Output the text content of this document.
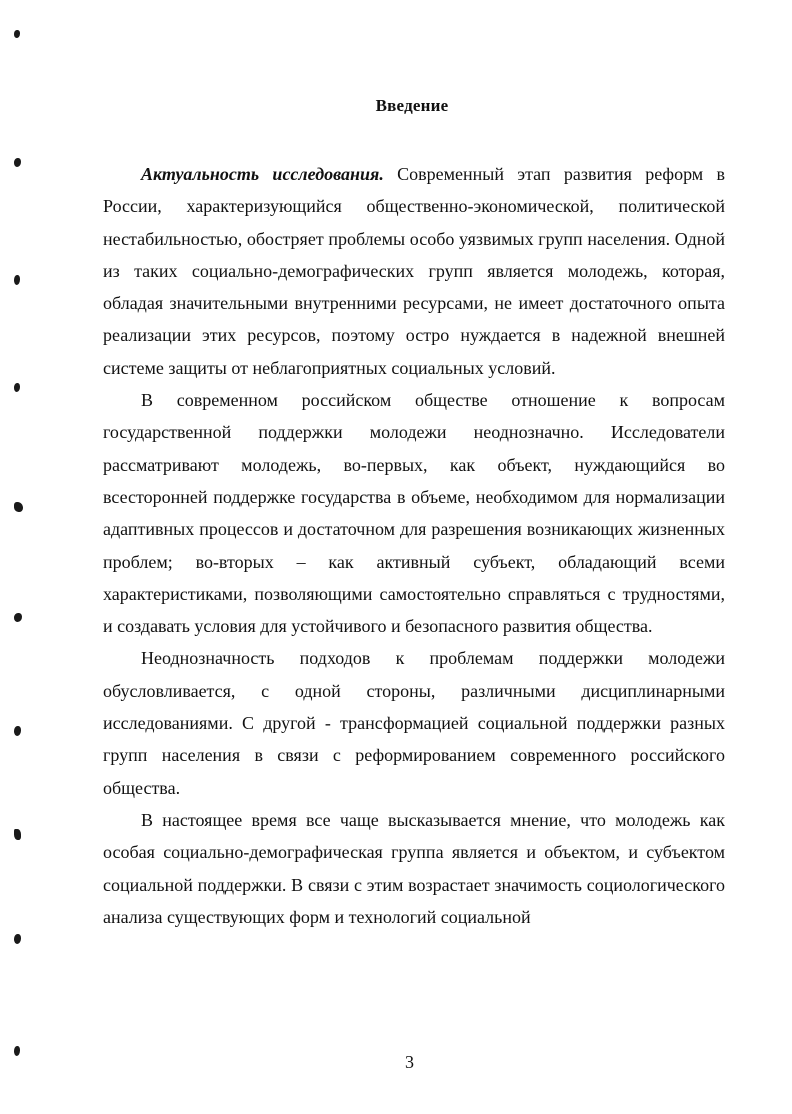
Введение

Актуальность исследования. Современный этап развития реформ в России, характеризующийся общественно-экономической, политической нестабильностью, обостряет проблемы особо уязвимых групп населения. Одной из таких социально-демографических групп является молодежь, которая, обладая значительными внутренними ресурсами, не имеет достаточного опыта реализации этих ресурсов, поэтому остро нуждается в надежной внешней системе защиты от неблагоприятных социальных условий.

В современном российском обществе отношение к вопросам государственной поддержки молодежи неоднозначно. Исследователи рассматривают молодежь, во-первых, как объект, нуждающийся во всесторонней поддержке государства в объеме, необходимом для нормализации адаптивных процессов и достаточном для разрешения возникающих жизненных проблем; во-вторых – как активный субъект, обладающий всеми характеристиками, позволяющими самостоятельно справляться с трудностями, и создавать условия для устойчивого и безопасного развития общества.

Неоднозначность подходов к проблемам поддержки молодежи обусловливается, с одной стороны, различными дисциплинарными исследованиями. С другой - трансформацией социальной поддержки разных групп населения в связи с реформированием современного российского общества.

В настоящее время все чаще высказывается мнение, что молодежь как особая социально-демографическая группа является и объектом, и субъектом социальной поддержки. В связи с этим возрастает значимость социологического анализа существующих форм и технологий социальной

3
